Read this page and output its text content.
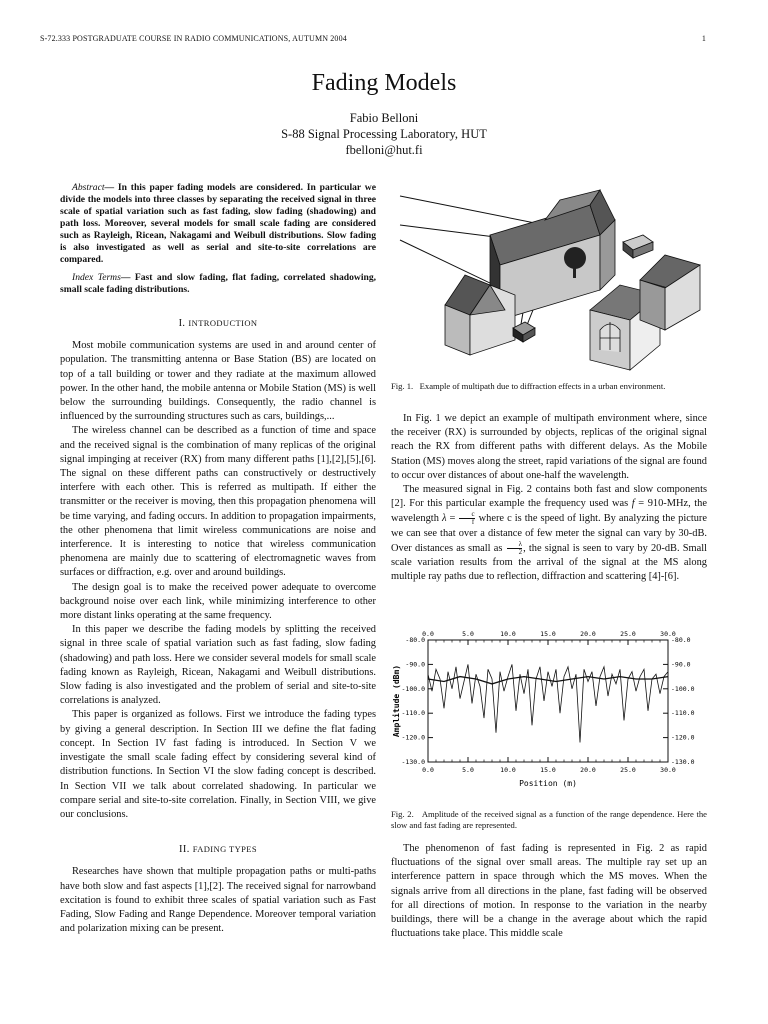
S-72.333 POSTGRADUATE COURSE IN RADIO COMMUNICATIONS, AUTUMN 2004	1
Fading Models
Fabio Belloni
S-88 Signal Processing Laboratory, HUT
fbelloni@hut.fi

Abstract— In this paper fading models are considered. In particular we divide the models into three classes by separating the received signal in three scale of spatial variation such as fast fading, slow fading (shadowing) and path loss. Moreover, several models for small scale fading are considered such as Rayleigh, Ricean, Nakagami and Weibull distributions. Slow fading is also investigated as well as serial and site-to-site correlations are compared.

Index Terms— Fast and slow fading, flat fading, correlated shadowing, small scale fading distributions.

I. INTRODUCTION

Most mobile communication systems are used in and around center of population. The transmitting antenna or Base Station (BS) are located on top of a tall building or tower and they radiate at the maximum allowed power. In the other hand, the mobile antenna or Mobile Station (MS) is well below the surrounding buildings. Consequently, the radio channel is influenced by the surrounding structures such as cars, buildings,...

The wireless channel can be described as a function of time and space and the received signal is the combination of many replicas of the original signal impinging at receiver (RX) from many different paths [1],[2],[5],[6]. The signal on these different paths can constructively or destructively interfere with each other. This is referred as multipath. If either the transmitter or the receiver is moving, then this propagation phenomena will be time varying, and fading occurs. In addition to propagation impairments, the other phenomena that limit wireless communications are noise and interference. It is interesting to notice that wireless communication phenomena are mainly due to scattering of electromagnetic waves from surfaces or diffraction, e.g. over and around buildings.

The design goal is to make the received power adequate to overcome background noise over each link, while minimizing interference to other more distant links operating at the same frequency.

In this paper we describe the fading models by splitting the received signal in three scale of spatial variation such as fast fading, slow fading (shadowing) and path loss. Here we consider several models for small scale fading known as Rayleigh, Ricean, Nakagami and Weibull distributions. Slow fading is also investigated and the problem of serial and site-to-site correlations is analyzed.

This paper is organized as follows. First we introduce the fading types by giving a general description. In Section III we define the flat fading concept. In Section IV fast fading is introduced. In Section V we investigate the small scale fading effect by considering several kind of distribution functions. In Section VI the slow fading concept is described. In Section VII we talk about correlated shadowing. In particular we compare serial and site-to-site correlation. Finally, in Section VIII, we give our conclusions.

II. FADING TYPES

Researches have shown that multiple propagation paths or multi-paths have both slow and fast aspects [1],[2]. The received signal for narrowband excitation is found to exhibit three scales of spatial variation such as Fast Fading, Slow Fading and Range Dependence. Moreover temporal variation and polarization mixing can be present.

Fig. 1. Example of multipath due to diffraction effects in a urban environment.

In Fig. 1 we depict an example of multipath environment where, since the receiver (RX) is surrounded by objects, replicas of the original signal reach the RX from different paths with different delays. As the Mobile Station (MS) moves along the street, rapid variations of the signal are found to occur over distances of about one-half the wavelength.

The measured signal in Fig. 2 contains both fast and slow components [2]. For this particular example the frequency used was f = 910-MHz, the wavelength $\lambda = \frac{c}{f}$ where c is the speed of light. By analyzing the picture we can see that over a distance of few meter the signal can vary by 30-dB. Over distances as small as $\frac{\lambda}{2}$ , the signal is seen to vary by 20-dB. Small scale variation results from the arrival of the signal at the MS along multiple ray paths due to reflection, diffraction and scattering [4]-[6].

0.0
0.0
5.0
5.0
10.0
10.0
15.0
15.0
20.0
20.0
25.0
25.0
30.0
30.0
-80.0	-80.0
-90.0	-90.0
-100.0	-100.0
-110.0	-110.0
-120.0	-120.0
-130.0	-130.0
Position (m)
Amplitude (dBm)
Fig. 2. Amplitude of the received signal as a function of the range dependence. Here the slow and fast fading are represented.

The phenomenon of fast fading is represented in Fig. 2 as rapid fluctuations of the signal over small areas. The multiple ray set up an interference pattern in space through which the MS moves. When the signals arrive from all directions in the plane, fast fading will be observed for all directions of motion. In response to the variation in the nearby buildings, there will be a change in the average about which the rapid fluctuations take place. This middle scale
